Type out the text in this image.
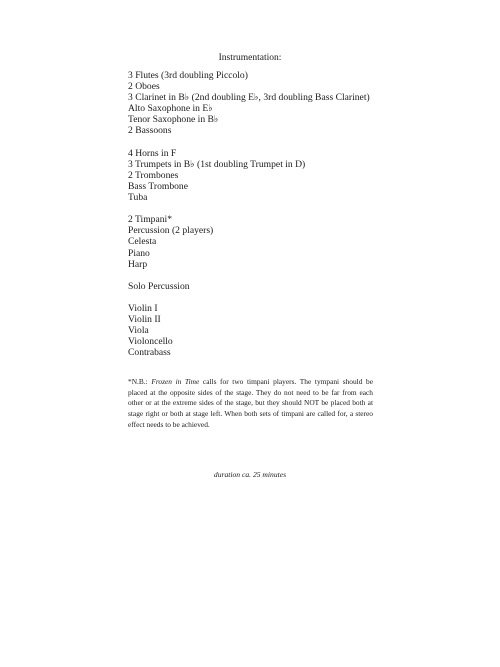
Instrumentation:
3 Flutes (3rd doubling Piccolo)
2 Oboes
3 Clarinet in B♭ (2nd doubling E♭, 3rd doubling Bass Clarinet)
Alto Saxophone in E♭
Tenor Saxophone in B♭
2 Bassoons
4 Horns in F
3 Trumpets in B♭ (1st doubling Trumpet in D)
2 Trombones
Bass Trombone
Tuba
2 Timpani*
Percussion (2 players)
Celesta
Piano
Harp
Solo Percussion
Violin I
Violin II
Viola
Violoncello
Contrabass
*N.B.: Frozen in Time calls for two timpani players. The tympani should be placed at the opposite sides of the stage. They do not need to be far from each other or at the extreme sides of the stage, but they should NOT be placed both at stage right or both at stage left. When both sets of timpani are called for, a stereo effect needs to be achieved.
duration ca. 25 minutes
